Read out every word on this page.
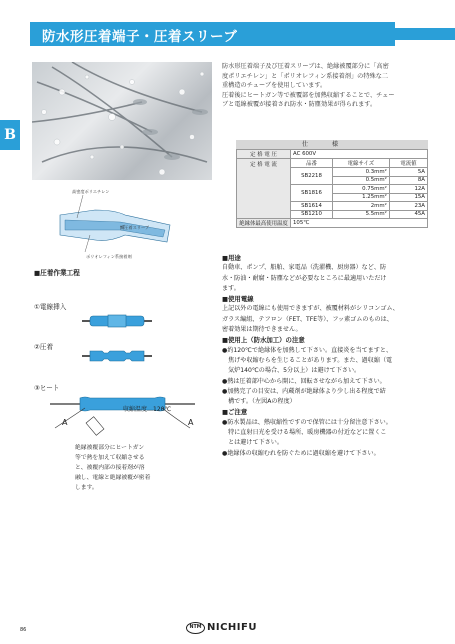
防水形圧着端子・圧着スリーブ
B
防水形圧着端子及び圧着スリーブは、絶縁被覆部分に「高密
度ポリエチレン」と「ポリオレフィン系接着剤」の特殊な二
重構造のチューブを使用しています。
圧着後にヒートガン等で被覆部を加熱収縮することで、チュー
ブと電線被覆が接着され防水・防塵効果が得られます。
高密度ポリエチレン
銅圧着スリーブ
ポリオレフィン系接着剤
仕様
定 格 電 圧	AC 600V		
定 格 電 流	品番	電線サイズ	電流値
	SB2218	0.3mm²	5A
		0.5mm²	8A
	SB1816	0.75mm²	12A
		1.25mm²	15A
	SB1614	2mm²	23A
	SB1210	5.5mm²	45A
絶縁体最高使用温度	105℃		
■圧着作業工程
①電線挿入
②圧着
③ヒート
A	A
収縮温度…120℃
絶縁被覆部分にヒートガン
等で熱を加えて収縮させる
と、被覆内部の接着剤が溶
融し、電線と絶縁被覆が密着
します。
■用途
自動車、ポンプ、船舶、家電品（洗濯機、厨房器）など、防
水・防油・耐腐・防塵などが必要なところに最適用いただけ
ます。
■使用電線
上記以外の電線にも使用できますが、被覆材料がシリコンゴム、
ガラス編組、テフロン（FET、TFE等）、フッ素ゴムのものは、
密着効果は期待できません。
■使用上（防水加工）の注意
●約120℃で絶縁体を加熱して下さい。直接炎を当てますと、
　焦げや収縮むらを生じることがあります。また、過収縮（電
　気炉140℃の場合、5分以上）は避けて下さい。
●熱は圧着部中心から開に、回転させながら加えて下さい。
●加熱完了の目安は、内蔵剤が絶縁体より少し出る程度で結
　構です。（左図Aの程度）
■ご注意
●防水製品は、熱収縮性ですので保管には十分留注意下さい。
　特に直射日光を受ける場所、暖房機器の付近などに置くこ
　とは避けて下さい。
●絶縁体の収縮むれを防ぐために過収縮を避けて下さい。
86	NTM NICHIFU
